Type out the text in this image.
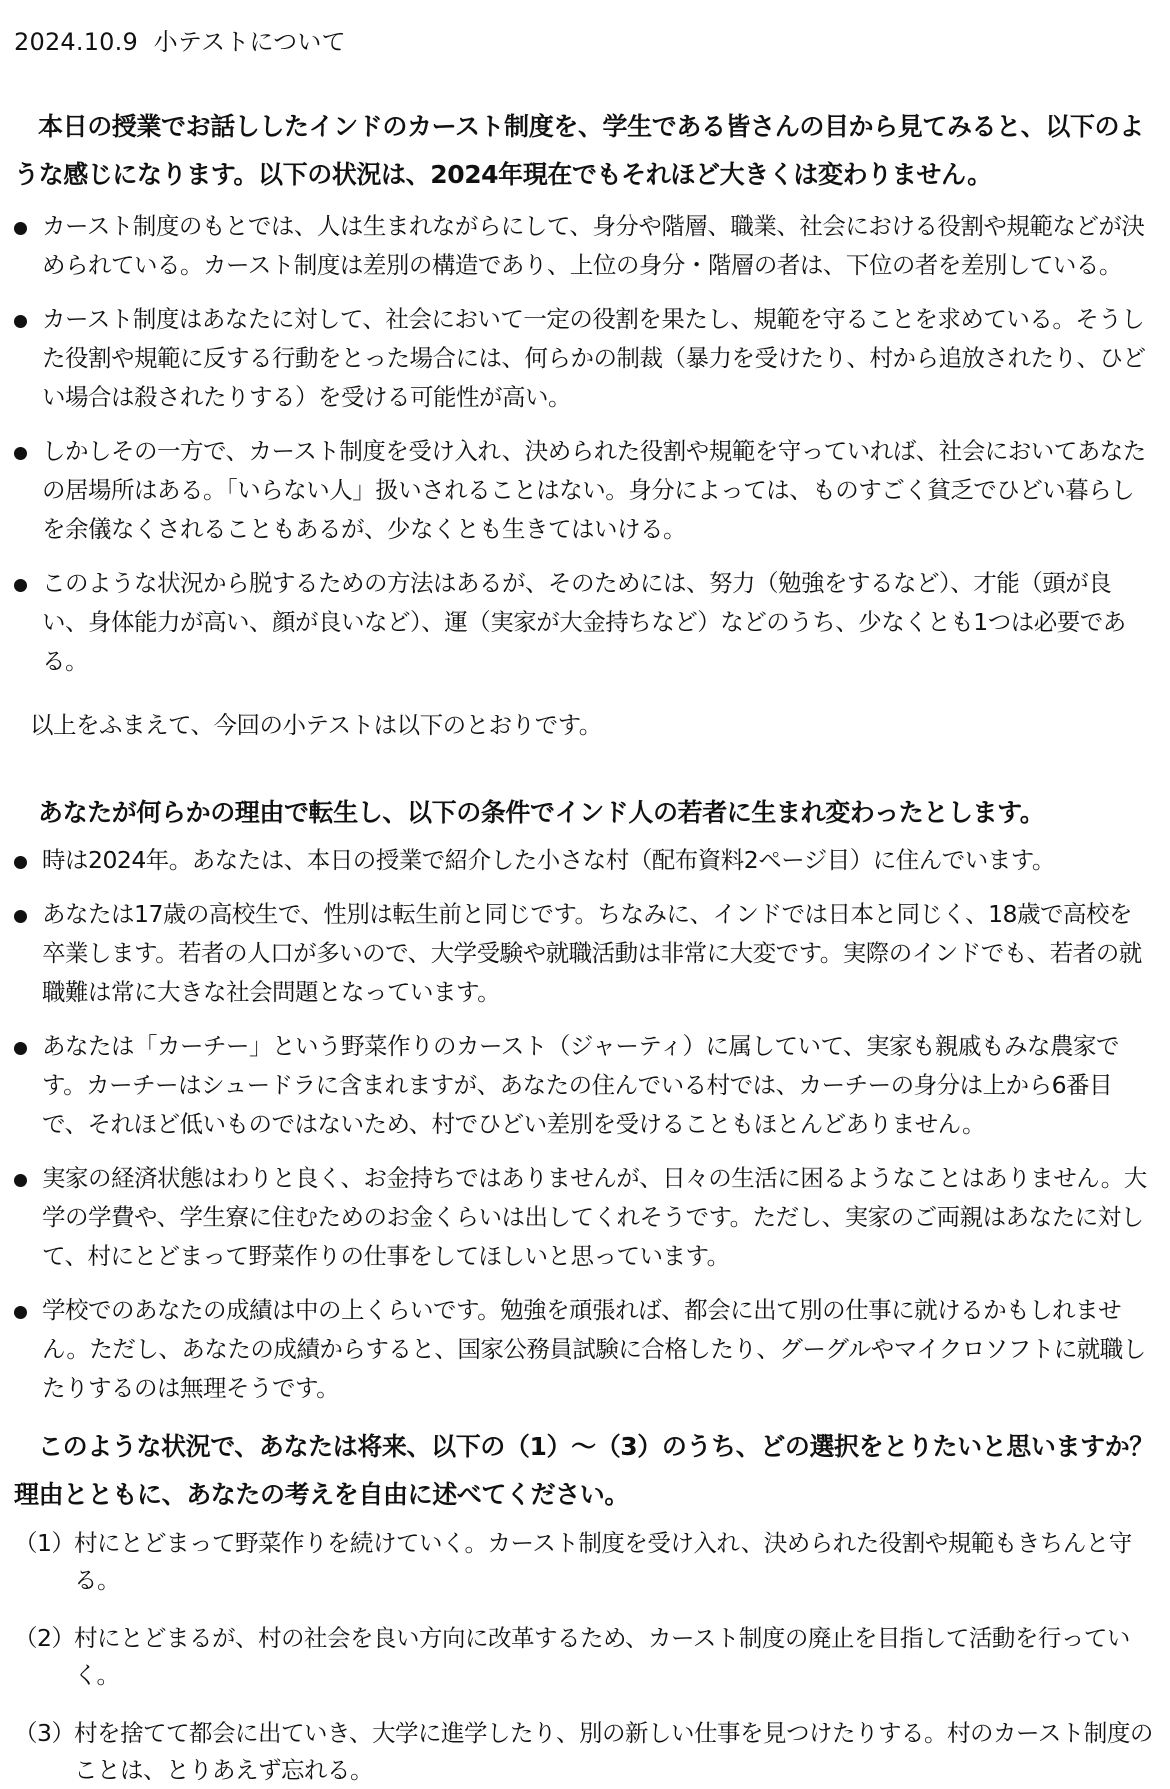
2024.10.9 小テストについて

本日の授業でお話ししたインドのカースト制度を、学生である皆さんの目から見てみると、以下のような感じになります。以下の状況は、2024年現在でもそれほど大きくは変わりません。

カースト制度のもとでは、人は生まれながらにして、身分や階層、職業、社会における役割や規範などが決められている。カースト制度は差別の構造であり、上位の身分・階層の者は、下位の者を差別している。
カースト制度はあなたに対して、社会において一定の役割を果たし、規範を守ることを求めている。そうした役割や規範に反する行動をとった場合には、何らかの制裁（暴力を受けたり、村から追放されたり、ひどい場合は殺されたりする）を受ける可能性が高い。
しかしその一方で、カースト制度を受け入れ、決められた役割や規範を守っていれば、社会においてあなたの居場所はある。「いらない人」扱いされることはない。身分によっては、ものすごく貧乏でひどい暮らしを余儀なくされることもあるが、少なくとも生きてはいける。
このような状況から脱するための方法はあるが、そのためには、努力（勉強をするなど）、才能（頭が良い、身体能力が高い、顔が良いなど）、運（実家が大金持ちなど）などのうち、少なくとも1つは必要である。

以上をふまえて、今回の小テストは以下のとおりです。

あなたが何らかの理由で転生し、以下の条件でインド人の若者に生まれ変わったとします。

時は2024年。あなたは、本日の授業で紹介した小さな村（配布資料2ページ目）に住んでいます。
あなたは17歳の高校生で、性別は転生前と同じです。ちなみに、インドでは日本と同じく、18歳で高校を卒業します。若者の人口が多いので、大学受験や就職活動は非常に大変です。実際のインドでも、若者の就職難は常に大きな社会問題となっています。
あなたは「カーチー」という野菜作りのカースト（ジャーティ）に属していて、実家も親戚もみな農家です。カーチーはシュードラに含まれますが、あなたの住んでいる村では、カーチーの身分は上から6番目で、それほど低いものではないため、村でひどい差別を受けることもほとんどありません。
実家の経済状態はわりと良く、お金持ちではありませんが、日々の生活に困るようなことはありません。大学の学費や、学生寮に住むためのお金くらいは出してくれそうです。ただし、実家のご両親はあなたに対して、村にとどまって野菜作りの仕事をしてほしいと思っています。
学校でのあなたの成績は中の上くらいです。勉強を頑張れば、都会に出て別の仕事に就けるかもしれません。ただし、あなたの成績からすると、国家公務員試験に合格したり、グーグルやマイクロソフトに就職したりするのは無理そうです。

このような状況で、あなたは将来、以下の（1）～（3）のうち、どの選択をとりたいと思いますか？ 理由とともに、あなたの考えを自由に述べてください。

（1） 村にとどまって野菜作りを続けていく。カースト制度を受け入れ、決められた役割や規範もきちんと守る。
（2） 村にとどまるが、村の社会を良い方向に改革するため、カースト制度の廃止を目指して活動を行っていく。
（3） 村を捨てて都会に出ていき、大学に進学したり、別の新しい仕事を見つけたりする。村のカースト制度のことは、とりあえず忘れる。
